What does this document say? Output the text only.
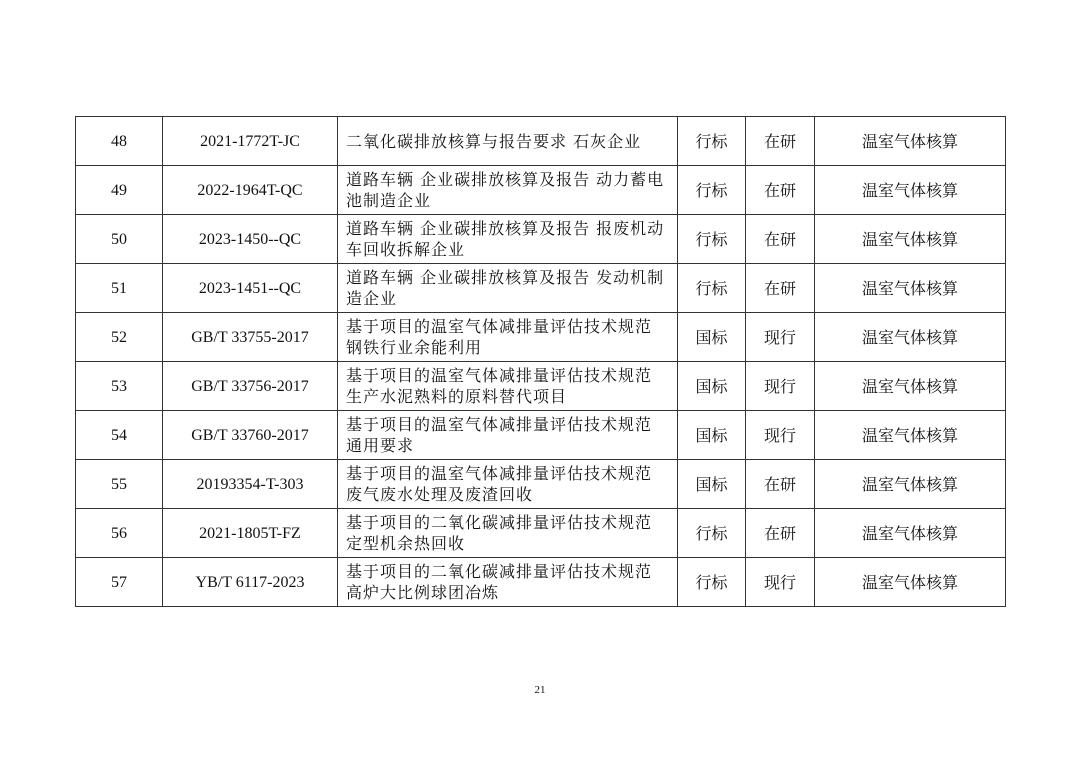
48	2021-1772T-JC	二氧化碳排放核算与报告要求 石灰企业	行标	在研	温室气体核算
49	2022-1964T-QC	道路车辆 企业碳排放核算及报告 动力蓄电池制造企业	行标	在研	温室气体核算
50	2023-1450--QC	道路车辆 企业碳排放核算及报告 报废机动车回收拆解企业	行标	在研	温室气体核算
51	2023-1451--QC	道路车辆 企业碳排放核算及报告 发动机制造企业	行标	在研	温室气体核算
52	GB/T 33755-2017	基于项目的温室气体减排量评估技术规范 钢铁行业余能利用	国标	现行	温室气体核算
53	GB/T 33756-2017	基于项目的温室气体减排量评估技术规范 生产水泥熟料的原料替代项目	国标	现行	温室气体核算
54	GB/T 33760-2017	基于项目的温室气体减排量评估技术规范 通用要求	国标	现行	温室气体核算
55	20193354-T-303	基于项目的温室气体减排量评估技术规范 废气废水处理及废渣回收	国标	在研	温室气体核算
56	2021-1805T-FZ	基于项目的二氧化碳减排量评估技术规范 定型机余热回收	行标	在研	温室气体核算
57	YB/T 6117-2023	基于项目的二氧化碳减排量评估技术规范 高炉大比例球团冶炼	行标	现行	温室气体核算
21
